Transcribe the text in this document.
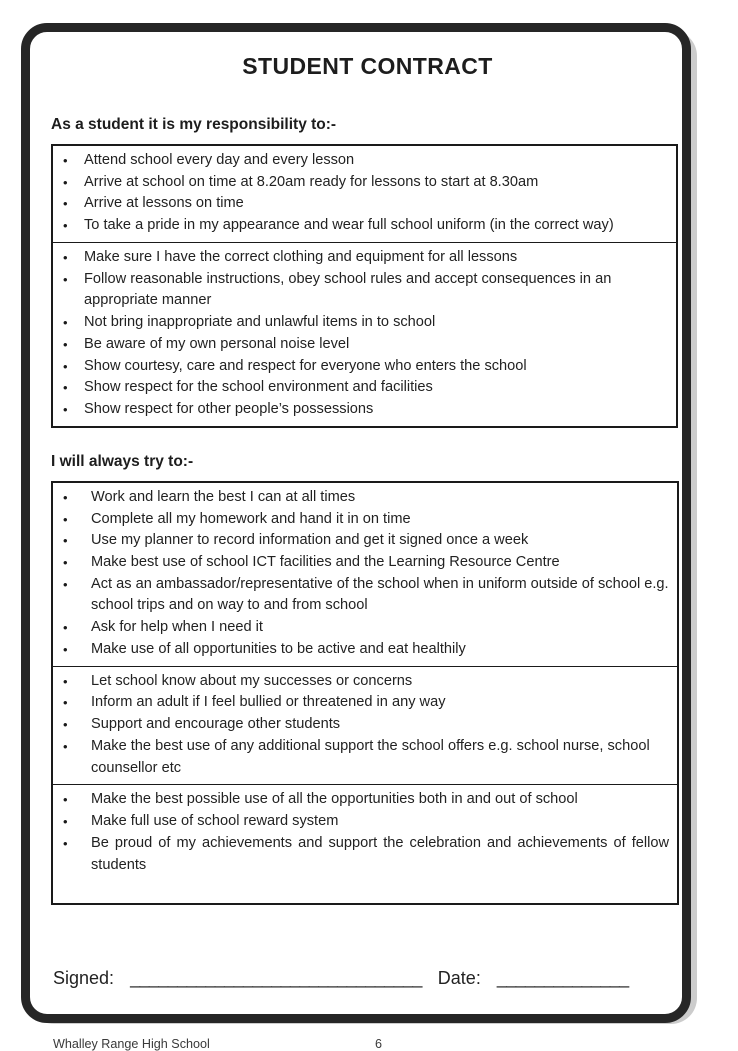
STUDENT CONTRACT
As a student it is my responsibility to:-
•	Attend school every day and every lesson
•	Arrive at school on time at 8.20am ready for lessons to start at 8.30am
•	Arrive at lessons on time
•	To take a pride in my appearance and wear full school uniform (in the correct way)
•	Make sure I have the correct clothing and equipment for all lessons
•	Follow reasonable instructions, obey school rules and accept consequences in an appropriate manner
•	Not bring inappropriate and unlawful items in to school
•	Be aware of my own personal noise level
•	Show courtesy, care and respect for everyone who enters the school
•	Show respect for the school environment and facilities
•	Show respect for other people’s possessions
I will always try to:-
•	Work and learn the best I can at all times
•	Complete all my homework and hand it in on time
•	Use my planner to record information and get it signed once a week
•	Make best use of school ICT facilities and the Learning Resource Centre
•	Act as an ambassador/representative of the school when in uniform outside of school e.g. school trips and on way to and from school
•	Ask for help when I need it
•	Make use of all opportunities to be active and eat healthily
•	Let school know about my successes or concerns
•	Inform an adult if I feel bullied or threatened in any way
•	Support and encourage other students
•	Make the best use of any additional support the school offers e.g. school nurse, school counsellor etc
•	Make the best possible use of all the opportunities both in and out of school
•	Make full use of school reward system
•	Be proud of my achievements and support the celebration and achievements of fellow students
Signed: _______________________________ Date: ______________
Whalley Range High School	6
